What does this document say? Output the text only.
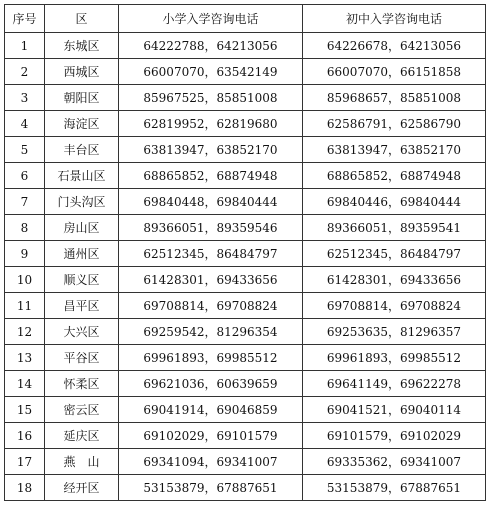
序号	区	小学入学咨询电话	初中入学咨询电话
1	东城区	64222788，64213056	64226678，64213056
2	西城区	66007070，63542149	66007070，66151858
3	朝阳区	85967525，85851008	85968657，85851008
4	海淀区	62819952，62819680	62586791，62586790
5	丰台区	63813947，63852170	63813947，63852170
6	石景山区	68865852，68874948	68865852，68874948
7	门头沟区	69840448，69840444	69840446，69840444
8	房山区	89366051，89359546	89366051，89359541
9	通州区	62512345，86484797	62512345，86484797
10	顺义区	61428301，69433656	61428301，69433656
11	昌平区	69708814，69708824	69708814，69708824
12	大兴区	69259542，81296354	69253635，81296357
13	平谷区	69961893，69985512	69961893，69985512
14	怀柔区	69621036，60639659	69641149，69622278
15	密云区	69041914，69046859	69041521，69040114
16	延庆区	69102029，69101579	69101579，69102029
17	燕　山	69341094，69341007	69335362，69341007
18	经开区	53153879，67887651	53153879，67887651
